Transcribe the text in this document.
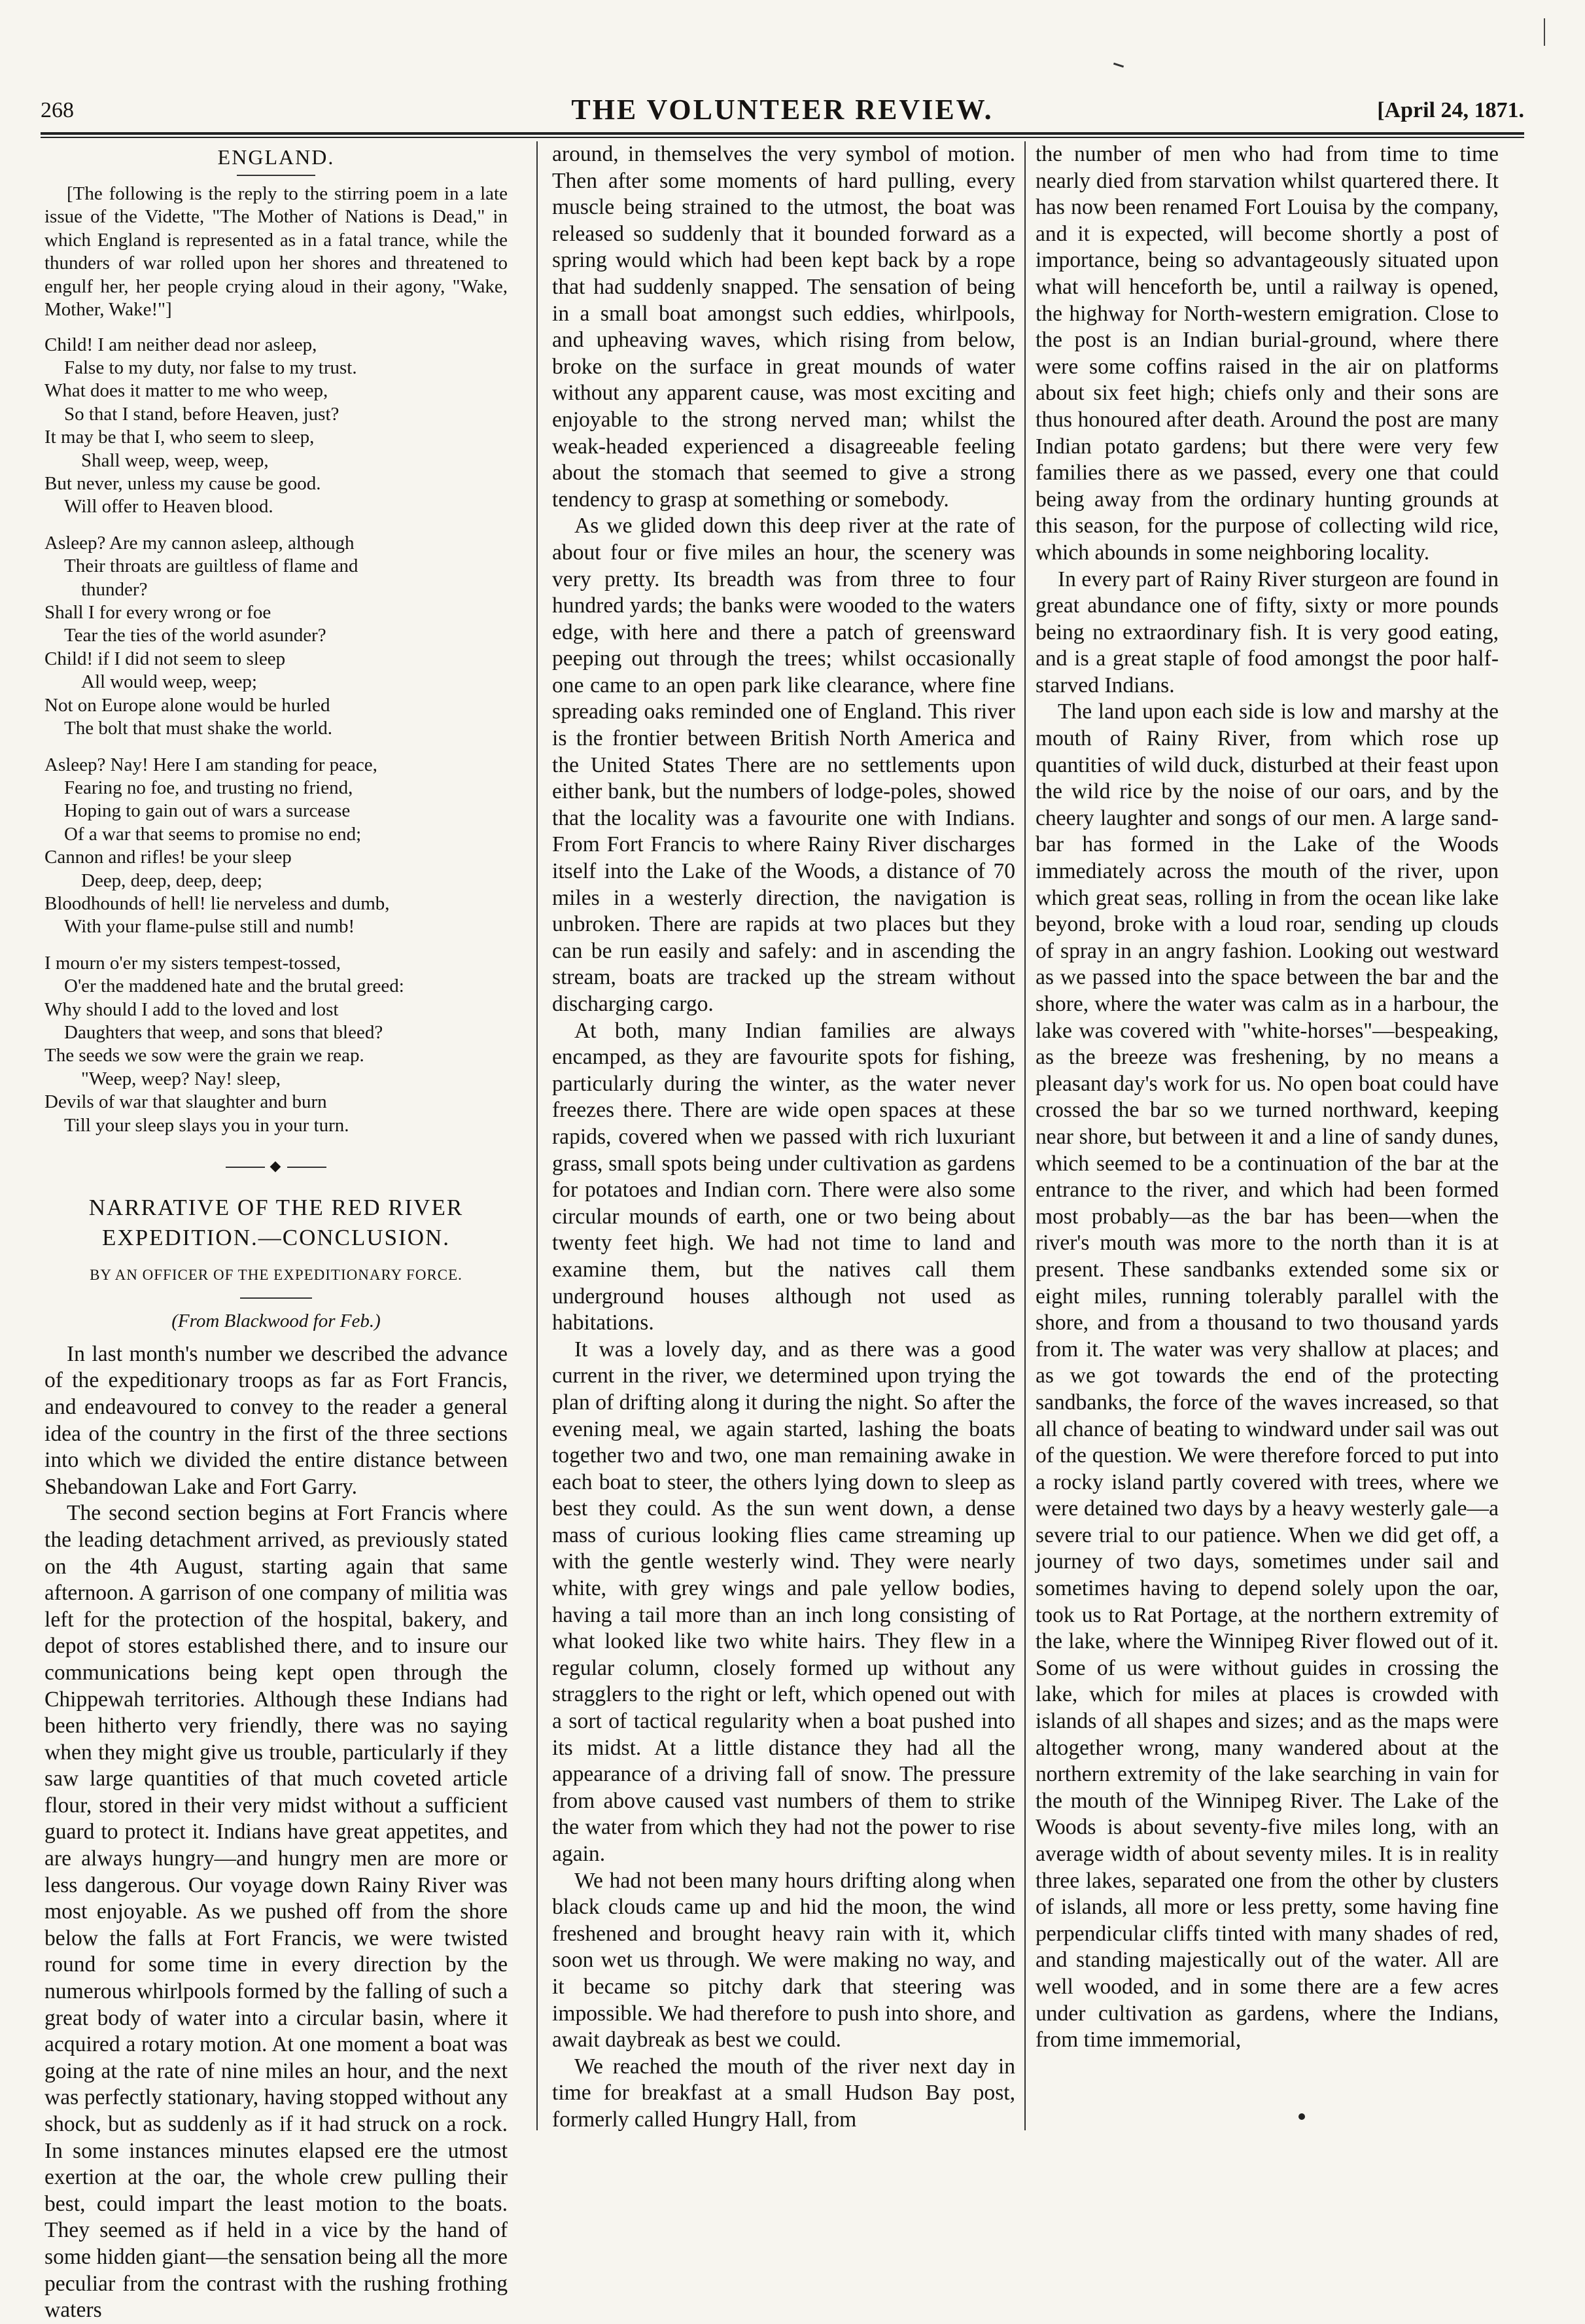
268	THE VOLUNTEER REVIEW.	[April 24, 1871.
ENGLAND.

[The following is the reply to the stirring poem in a late issue of the Vidette, "The Mother of Nations is Dead," in which England is represented as in a fatal trance, while the thunders of war rolled upon her shores and threatened to engulf her, her people crying aloud in their agony, "Wake, Mother, Wake!"]

Child! I am neither dead nor asleep,
False to my duty, nor false to my trust.
What does it matter to me who weep,
So that I stand, before Heaven, just?
It may be that I, who seem to sleep,
Shall weep, weep, weep,
But never, unless my cause be good.
Will offer to Heaven blood.
Asleep? Are my cannon asleep, although
Their throats are guiltless of flame and
thunder?
Shall I for every wrong or foe
Tear the ties of the world asunder?
Child! if I did not seem to sleep
All would weep, weep;
Not on Europe alone would be hurled
The bolt that must shake the world.
Asleep? Nay! Here I am standing for peace,
Fearing no foe, and trusting no friend,
Hoping to gain out of wars a surcease
Of a war that seems to promise no end;
Cannon and rifles! be your sleep
Deep, deep, deep, deep;
Bloodhounds of hell! lie nerveless and dumb,
With your flame-pulse still and numb!
I mourn o'er my sisters tempest-tossed,
O'er the maddened hate and the brutal greed:
Why should I add to the loved and lost
Daughters that weep, and sons that bleed?
The seeds we sow were the grain we reap.
"Weep, weep? Nay! sleep,
Devils of war that slaughter and burn
Till your sleep slays you in your turn.
◆

NARRATIVE OF THE RED RIVER

EXPEDITION.—CONCLUSION.

BY AN OFFICER OF THE EXPEDITIONARY FORCE.
(From Blackwood for Feb.)

In last month's number we described the advance of the expeditionary troops as far as Fort Francis, and endeavoured to convey to the reader a general idea of the country in the first of the three sections into which we divided the entire distance between Shebandowan Lake and Fort Garry.

The second section begins at Fort Francis where the leading detachment arrived, as previously stated on the 4th August, starting again that same afternoon. A garrison of one company of militia was left for the protection of the hospital, bakery, and depot of stores established there, and to insure our communications being kept open through the Chippewah territories. Although these Indians had been hitherto very friendly, there was no saying when they might give us trouble, particularly if they saw large quantities of that much coveted article flour, stored in their very midst without a sufficient guard to protect it. Indians have great appetites, and are always hungry—and hungry men are more or less dangerous. Our voyage down Rainy River was most enjoyable. As we pushed off from the shore below the falls at Fort Francis, we were twisted round for some time in every direction by the numerous whirlpools formed by the falling of such a great body of water into a circular basin, where it acquired a rotary motion. At one moment a boat was going at the rate of nine miles an hour, and the next was perfectly stationary, having stopped without any shock, but as suddenly as if it had struck on a rock. In some instances minutes elapsed ere the utmost exertion at the oar, the whole crew pulling their best, could impart the least motion to the boats. They seemed as if held in a vice by the hand of some hidden giant—the sensation being all the more peculiar from the contrast with the rushing frothing waters

around, in themselves the very symbol of motion. Then after some moments of hard pulling, every muscle being strained to the utmost, the boat was released so suddenly that it bounded forward as a spring would which had been kept back by a rope that had suddenly snapped. The sensation of being in a small boat amongst such eddies, whirlpools, and upheaving waves, which rising from below, broke on the surface in great mounds of water without any apparent cause, was most exciting and enjoyable to the strong nerved man; whilst the weak-headed experienced a disagreeable feeling about the stomach that seemed to give a strong tendency to grasp at something or somebody.

As we glided down this deep river at the rate of about four or five miles an hour, the scenery was very pretty. Its breadth was from three to four hundred yards; the banks were wooded to the waters edge, with here and there a patch of greensward peeping out through the trees; whilst occasionally one came to an open park like clearance, where fine spreading oaks reminded one of England. This river is the frontier between British North America and the United States There are no settlements upon either bank, but the numbers of lodge-poles, showed that the locality was a favourite one with Indians. From Fort Francis to where Rainy River discharges itself into the Lake of the Woods, a distance of 70 miles in a westerly direction, the navigation is unbroken. There are rapids at two places but they can be run easily and safely: and in ascending the stream, boats are tracked up the stream without discharging cargo.

At both, many Indian families are always encamped, as they are favourite spots for fishing, particularly during the winter, as the water never freezes there. There are wide open spaces at these rapids, covered when we passed with rich luxuriant grass, small spots being under cultivation as gardens for potatoes and Indian corn. There were also some circular mounds of earth, one or two being about twenty feet high. We had not time to land and examine them, but the natives call them underground houses although not used as habitations.

It was a lovely day, and as there was a good current in the river, we determined upon trying the plan of drifting along it during the night. So after the evening meal, we again started, lashing the boats together two and two, one man remaining awake in each boat to steer, the others lying down to sleep as best they could. As the sun went down, a dense mass of curious looking flies came streaming up with the gentle westerly wind. They were nearly white, with grey wings and pale yellow bodies, having a tail more than an inch long consisting of what looked like two white hairs. They flew in a regular column, closely formed up without any stragglers to the right or left, which opened out with a sort of tactical regularity when a boat pushed into its midst. At a little distance they had all the appearance of a driving fall of snow. The pressure from above caused vast numbers of them to strike the water from which they had not the power to rise again.

We had not been many hours drifting along when black clouds came up and hid the moon, the wind freshened and brought heavy rain with it, which soon wet us through. We were making no way, and it became so pitchy dark that steering was impossible. We had therefore to push into shore, and await daybreak as best we could.

We reached the mouth of the river next day in time for breakfast at a small Hudson Bay post, formerly called Hungry Hall, from

the number of men who had from time to time nearly died from starvation whilst quartered there. It has now been renamed Fort Louisa by the company, and it is expected, will become shortly a post of importance, being so advantageously situated upon what will henceforth be, until a railway is opened, the highway for North-western emigration. Close to the post is an Indian burial-ground, where there were some coffins raised in the air on platforms about six feet high; chiefs only and their sons are thus honoured after death. Around the post are many Indian potato gardens; but there were very few families there as we passed, every one that could being away from the ordinary hunting grounds at this season, for the purpose of collecting wild rice, which abounds in some neighboring locality.

In every part of Rainy River sturgeon are found in great abundance one of fifty, sixty or more pounds being no extraordinary fish. It is very good eating, and is a great staple of food amongst the poor half-starved Indians.

The land upon each side is low and marshy at the mouth of Rainy River, from which rose up quantities of wild duck, disturbed at their feast upon the wild rice by the noise of our oars, and by the cheery laughter and songs of our men. A large sand-bar has formed in the Lake of the Woods immediately across the mouth of the river, upon which great seas, rolling in from the ocean like lake beyond, broke with a loud roar, sending up clouds of spray in an angry fashion. Looking out westward as we passed into the space between the bar and the shore, where the water was calm as in a harbour, the lake was covered with "white-horses"—bespeaking, as the breeze was freshening, by no means a pleasant day's work for us. No open boat could have crossed the bar so we turned northward, keeping near shore, but between it and a line of sandy dunes, which seemed to be a continuation of the bar at the entrance to the river, and which had been formed most probably—as the bar has been—when the river's mouth was more to the north than it is at present. These sandbanks extended some six or eight miles, running tolerably parallel with the shore, and from a thousand to two thousand yards from it. The water was very shallow at places; and as we got towards the end of the protecting sandbanks, the force of the waves increased, so that all chance of beating to windward under sail was out of the question. We were therefore forced to put into a rocky island partly covered with trees, where we were detained two days by a heavy westerly gale—a severe trial to our patience. When we did get off, a journey of two days, sometimes under sail and sometimes having to depend solely upon the oar, took us to Rat Portage, at the northern extremity of the lake, where the Winnipeg River flowed out of it. Some of us were without guides in crossing the lake, which for miles at places is crowded with islands of all shapes and sizes; and as the maps were altogether wrong, many wandered about at the northern extremity of the lake searching in vain for the mouth of the Winnipeg River. The Lake of the Woods is about seventy-five miles long, with an average width of about seventy miles. It is in reality three lakes, separated one from the other by clusters of islands, all more or less pretty, some having fine perpendicular cliffs tinted with many shades of red, and standing majestically out of the water. All are well wooded, and in some there are a few acres under cultivation as gardens, where the Indians, from time immemorial,
